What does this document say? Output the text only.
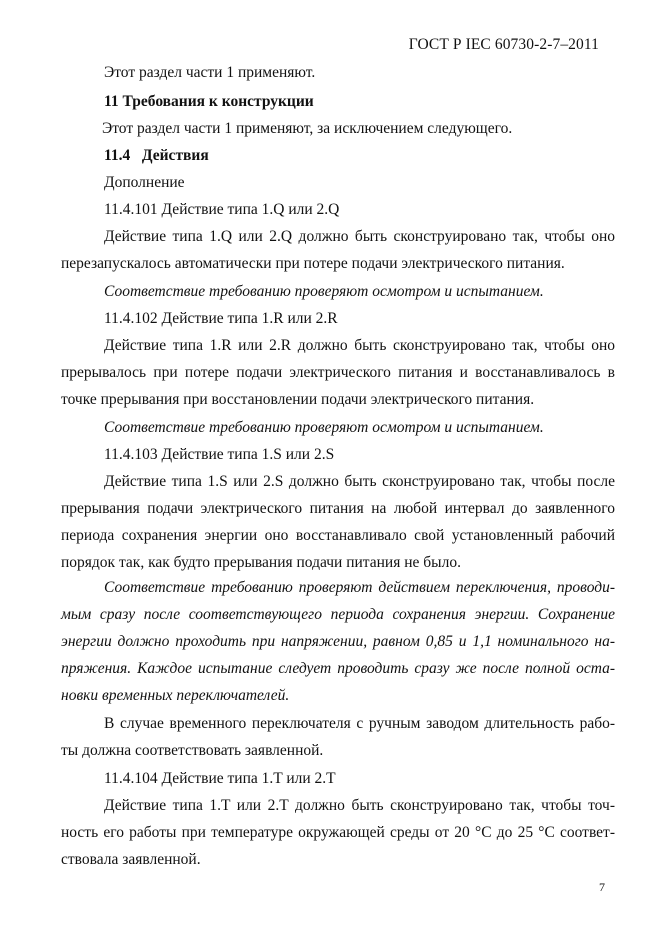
ГОСТ Р IEC 60730-2-7–2011
Этот раздел части 1 применяют.
11 Требования к конструкции
Этот раздел части 1 применяют, за исключением следующего.
11.4   Действия
Дополнение
11.4.101 Действие типа 1.Q или 2.Q
Действие типа 1.Q или 2.Q должно быть сконструировано так, чтобы оно
перезапускалось автоматически при потере подачи электрического питания.
Соответствие требованию проверяют осмотром и испытанием.
11.4.102 Действие типа 1.R или 2.R
Действие типа 1.R или 2.R должно быть сконструировано так, чтобы оно
прерывалось при потере подачи электрического питания и восстанавливалось в
точке прерывания при восстановлении подачи электрического питания.
Соответствие требованию проверяют осмотром и испытанием.
11.4.103 Действие типа 1.S или 2.S
Действие типа 1.S или 2.S должно быть сконструировано так, чтобы после
прерывания подачи электрического питания на любой интервал до заявленного
периода сохранения энергии оно восстанавливало свой установленный рабочий
порядок так, как будто прерывания подачи питания не было.
Соответствие требованию проверяют действием переключения, проводи-
мым сразу после соответствующего периода сохранения энергии. Сохранение
энергии должно проходить при напряжении, равном 0,85 и 1,1 номинального на-
пряжения. Каждое испытание следует проводить сразу же после полной оста-
новки временных переключателей.
В случае временного переключателя с ручным заводом длительность рабо-
ты должна соответствовать заявленной.
11.4.104 Действие типа 1.T или 2.T
Действие типа 1.T или 2.T должно быть сконструировано так, чтобы точ-
ность его работы при температуре окружающей среды от 20 °C до 25 °C соответ-
ствовала заявленной.
7
